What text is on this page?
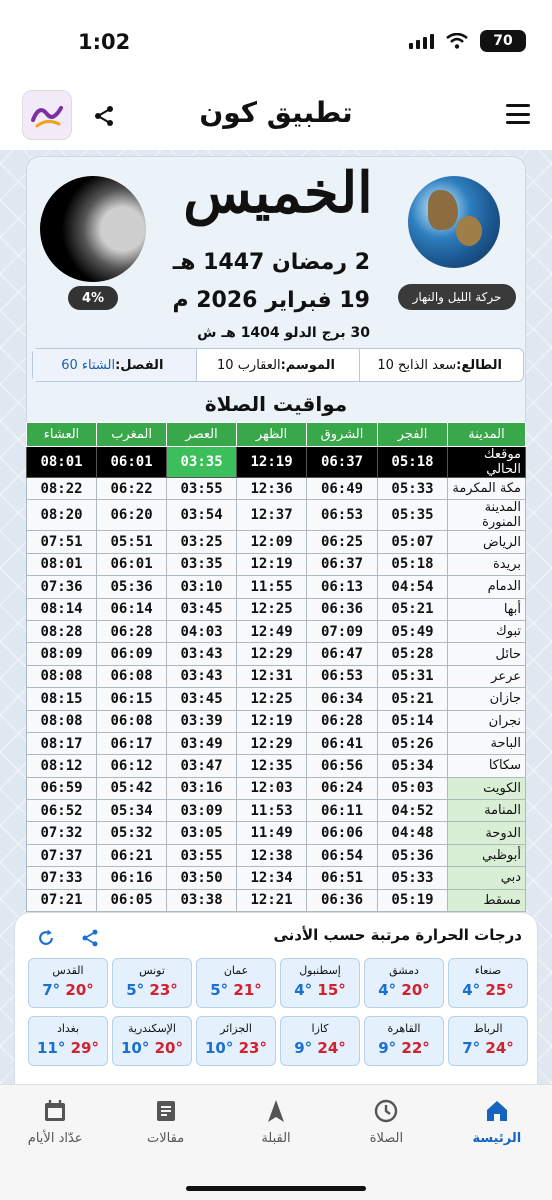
1:02	70
تطبيق كون
4%	حركة الليل والنهار
الخميس
2 رمضان 1447 هـ
19 فبراير 2026 م
30 برج الدلو 1404 هـ ش
الطالع:
سعد الذابح 10
الموسم:
العقارب 10
الفصل:
الشتاء 60
مواقيت الصلاة
المدينة	الفجر	الشروق	الظهر	العصر	المغرب	العشاء
موقعك الحالي	05:18	06:37	12:19	03:35	06:01	08:01
مكة المكرمة	05:33	06:49	12:36	03:55	06:22	08:22
المدينة المنورة	05:35	06:53	12:37	03:54	06:20	08:20
الرياض	05:07	06:25	12:09	03:25	05:51	07:51
بريدة	05:18	06:37	12:19	03:35	06:01	08:01
الدمام	04:54	06:13	11:55	03:10	05:36	07:36
أبها	05:21	06:36	12:25	03:45	06:14	08:14
تبوك	05:49	07:09	12:49	04:03	06:28	08:28
حائل	05:28	06:47	12:29	03:43	06:09	08:09
عرعر	05:31	06:53	12:31	03:43	06:08	08:08
جازان	05:21	06:34	12:25	03:45	06:15	08:15
نجران	05:14	06:28	12:19	03:39	06:08	08:08
الباحة	05:26	06:41	12:29	03:49	06:17	08:17
سكاكا	05:34	06:56	12:35	03:47	06:12	08:12
الكويت	05:03	06:24	12:03	03:16	05:42	06:59
المنامة	04:52	06:11	11:53	03:09	05:34	06:52
الدوحة	04:48	06:06	11:49	03:05	05:32	07:32
أبوظبي	05:36	06:54	12:38	03:55	06:21	07:37
دبي	05:33	06:51	12:34	03:50	06:16	07:33
مسقط	05:19	06:36	12:21	03:38	06:05	07:21
درجات الحرارة مرتبة حسب الأدنى
صنعاء
4° 25°
دمشق
4° 20°
إسطنبول
4° 15°
عمان
5° 21°
تونس
5° 23°
القدس
7° 20°
الرباط
7° 24°
القاهرة
9° 22°
كازا
9° 24°
الجزائر
10° 23°
الإسكندرية
10° 20°
بغداد
11° 29°
الرئيسة
الصلاة
القبلة
مقالات
عدّاد الأيام
